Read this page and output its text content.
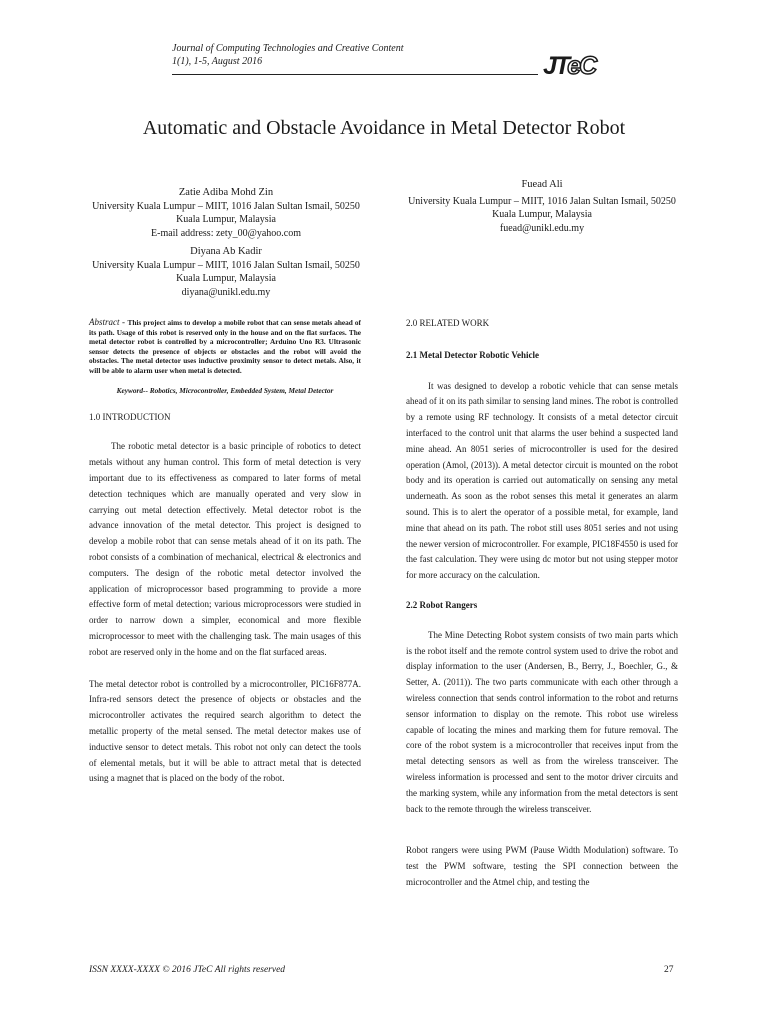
Journal of Computing Technologies and Creative Content
1(1), 1-5, August 2016	JTeC
Automatic and Obstacle Avoidance in Metal Detector Robot
Zatie Adiba Mohd Zin
University Kuala Lumpur – MIIT, 1016 Jalan Sultan Ismail, 50250
Kuala Lumpur, Malaysia
E-mail address: zety_00@yahoo.com
Diyana Ab Kadir
University Kuala Lumpur – MIIT, 1016 Jalan Sultan Ismail, 50250
Kuala Lumpur, Malaysia
diyana@unikl.edu.my
Fuead Ali
University Kuala Lumpur – MIIT, 1016 Jalan Sultan Ismail, 50250
Kuala Lumpur, Malaysia
fuead@unikl.edu.my
Abstract - This project aims to develop a mobile robot that can sense metals ahead of its path. Usage of this robot is reserved only in the house and on the flat surfaces. The metal detector robot is controlled by a microcontroller; Arduino Uno R3. Ultrasonic sensor detects the presence of objects or obstacles and the robot will avoid the obstacles. The metal detector uses inductive proximity sensor to detect metals. Also, it will be able to alarm user when metal is detected.
Keyword-- Robotics, Microcontroller, Embedded System, Metal Detector
1.0 INTRODUCTION
The robotic metal detector is a basic principle of robotics to detect metals without any human control. This form of metal detection is very important due to its effectiveness as compared to later forms of metal detection techniques which are manually operated and very slow in carrying out metal detection effectively. Metal detector robot is the advance innovation of the metal detector. This project is designed to develop a mobile robot that can sense metals ahead of it on its path. The robot consists of a combination of mechanical, electrical & electronics and computers. The design of the robotic metal detector involved the application of microprocessor based programming to provide a more effective form of metal detection; various microprocessors were studied in order to narrow down a simpler, economical and more flexible microprocessor to meet with the challenging task. The main usages of this robot are reserved only in the home and on the flat surfaced areas.
The metal detector robot is controlled by a microcontroller, PIC16F877A. Infra-red sensors detect the presence of objects or obstacles and the microcontroller activates the required search algorithm to detect the metallic property of the metal sensed. The metal detector makes use of inductive sensor to detect metals. This robot not only can detect the tools of elemental metals, but it will be able to attract metal that is detected using a magnet that is placed on the body of the robot.
2.0 RELATED WORK
2.1 Metal Detector Robotic Vehicle
It was designed to develop a robotic vehicle that can sense metals ahead of it on its path similar to sensing land mines. The robot is controlled by a remote using RF technology. It consists of a metal detector circuit interfaced to the control unit that alarms the user behind a suspected land mine ahead. An 8051 series of microcontroller is used for the desired operation (Amol, (2013)). A metal detector circuit is mounted on the robot body and its operation is carried out automatically on sensing any metal underneath. As soon as the robot senses this metal it generates an alarm sound. This is to alert the operator of a possible metal, for example, land mine that ahead on its path. The robot still uses 8051 series and not using the newer version of microcontroller. For example, PIC18F4550 is used for the fast calculation. They were using dc motor but not using stepper motor for more accuracy on the calculation.
2.2 Robot Rangers
The Mine Detecting Robot system consists of two main parts which is the robot itself and the remote control system used to drive the robot and display information to the user (Andersen, B., Berry, J., Boechler, G., & Setter, A. (2011)). The two parts communicate with each other through a wireless connection that sends control information to the robot and returns sensor information to display on the remote. This robot use wireless capable of locating the mines and marking them for future removal. The core of the robot system is a microcontroller that receives input from the metal detecting sensors as well as from the wireless transceiver. The wireless information is processed and sent to the motor driver circuits and the marking system, while any information from the metal detectors is sent back to the remote through the wireless transceiver.
Robot rangers were using PWM (Pause Width Modulation) software. To test the PWM software, testing the SPI connection between the microcontroller and the Atmel chip, and testing the
ISSN XXXX-XXXX © 2016 JTeC All rights reserved	27
